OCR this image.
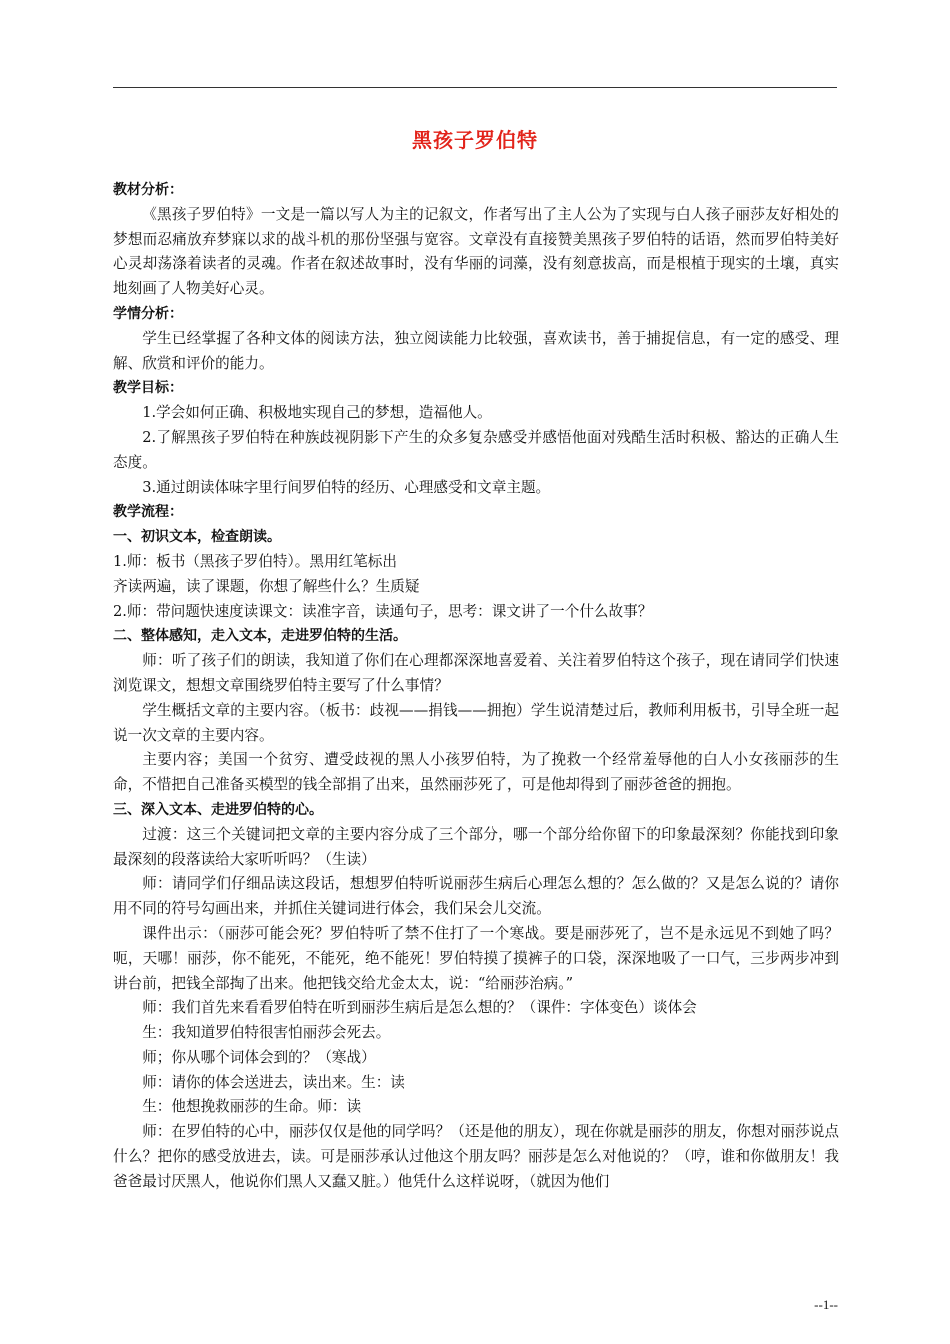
黑孩子罗伯特

教材分析：

《黑孩子罗伯特》一文是一篇以写人为主的记叙文，作者写出了主人公为了实现与白人孩子丽莎友好相处的梦想而忍痛放弃梦寐以求的战斗机的那份坚强与宽容。文章没有直接赞美黑孩子罗伯特的话语，然而罗伯特美好心灵却荡涤着读者的灵魂。作者在叙述故事时，没有华丽的词藻，没有刻意拔高，而是根植于现实的土壤，真实地刻画了人物美好心灵。

学情分析：

学生已经掌握了各种文体的阅读方法，独立阅读能力比较强，喜欢读书，善于捕捉信息，有一定的感受、理解、欣赏和评价的能力。

教学目标：

1.学会如何正确、积极地实现自己的梦想，造福他人。

2.了解黑孩子罗伯特在种族歧视阴影下产生的众多复杂感受并感悟他面对残酷生活时积极、豁达的正确人生态度。

3.通过朗读体味字里行间罗伯特的经历、心理感受和文章主题。

教学流程：

一、初识文本，检查朗读。

1.师：板书（黑孩子罗伯特）。黑用红笔标出

齐读两遍，读了课题，你想了解些什么？生质疑

2.师：带问题快速度读课文：读准字音，读通句子，思考：课文讲了一个什么故事？

二、整体感知，走入文本，走进罗伯特的生活。

师：听了孩子们的朗读，我知道了你们在心理都深深地喜爱着、关注着罗伯特这个孩子，现在请同学们快速浏览课文，想想文章围绕罗伯特主要写了什么事情？

学生概括文章的主要内容。（板书：歧视——捐钱——拥抱）学生说清楚过后，教师利用板书，引导全班一起说一次文章的主要内容。

主要内容；美国一个贫穷、遭受歧视的黑人小孩罗伯特，为了挽救一个经常羞辱他的白人小女孩丽莎的生命，不惜把自己准备买模型的钱全部捐了出来，虽然丽莎死了，可是他却得到了丽莎爸爸的拥抱。

三、深入文本、走进罗伯特的心。

过渡：这三个关键词把文章的主要内容分成了三个部分，哪一个部分给你留下的印象最深刻？你能找到印象最深刻的段落读给大家听听吗？（生读）

师：请同学们仔细品读这段话，想想罗伯特听说丽莎生病后心理怎么想的？怎么做的？又是怎么说的？请你用不同的符号勾画出来，并抓住关键词进行体会，我们呆会儿交流。

课件出示：（丽莎可能会死？罗伯特听了禁不住打了一个寒战。要是丽莎死了，岂不是永远见不到她了吗？呃，天哪！丽莎，你不能死，不能死，绝不能死！罗伯特摸了摸裤子的口袋，深深地吸了一口气，三步两步冲到讲台前，把钱全部掏了出来。他把钱交给尤金太太，说：“给丽莎治病。”

师：我们首先来看看罗伯特在听到丽莎生病后是怎么想的？（课件：字体变色）谈体会

生：我知道罗伯特很害怕丽莎会死去。

师；你从哪个词体会到的？（寒战）

师：请你的体会送进去，读出来。生：读

生：他想挽救丽莎的生命。师：读

师：在罗伯特的心中，丽莎仅仅是他的同学吗？（还是他的朋友），现在你就是丽莎的朋友，你想对丽莎说点什么？把你的感受放进去，读。可是丽莎承认过他这个朋友吗？丽莎是怎么对他说的？（哼，谁和你做朋友！我爸爸最讨厌黑人，他说你们黑人又蠢又脏。）他凭什么这样说呀，（就因为他们

--1--
